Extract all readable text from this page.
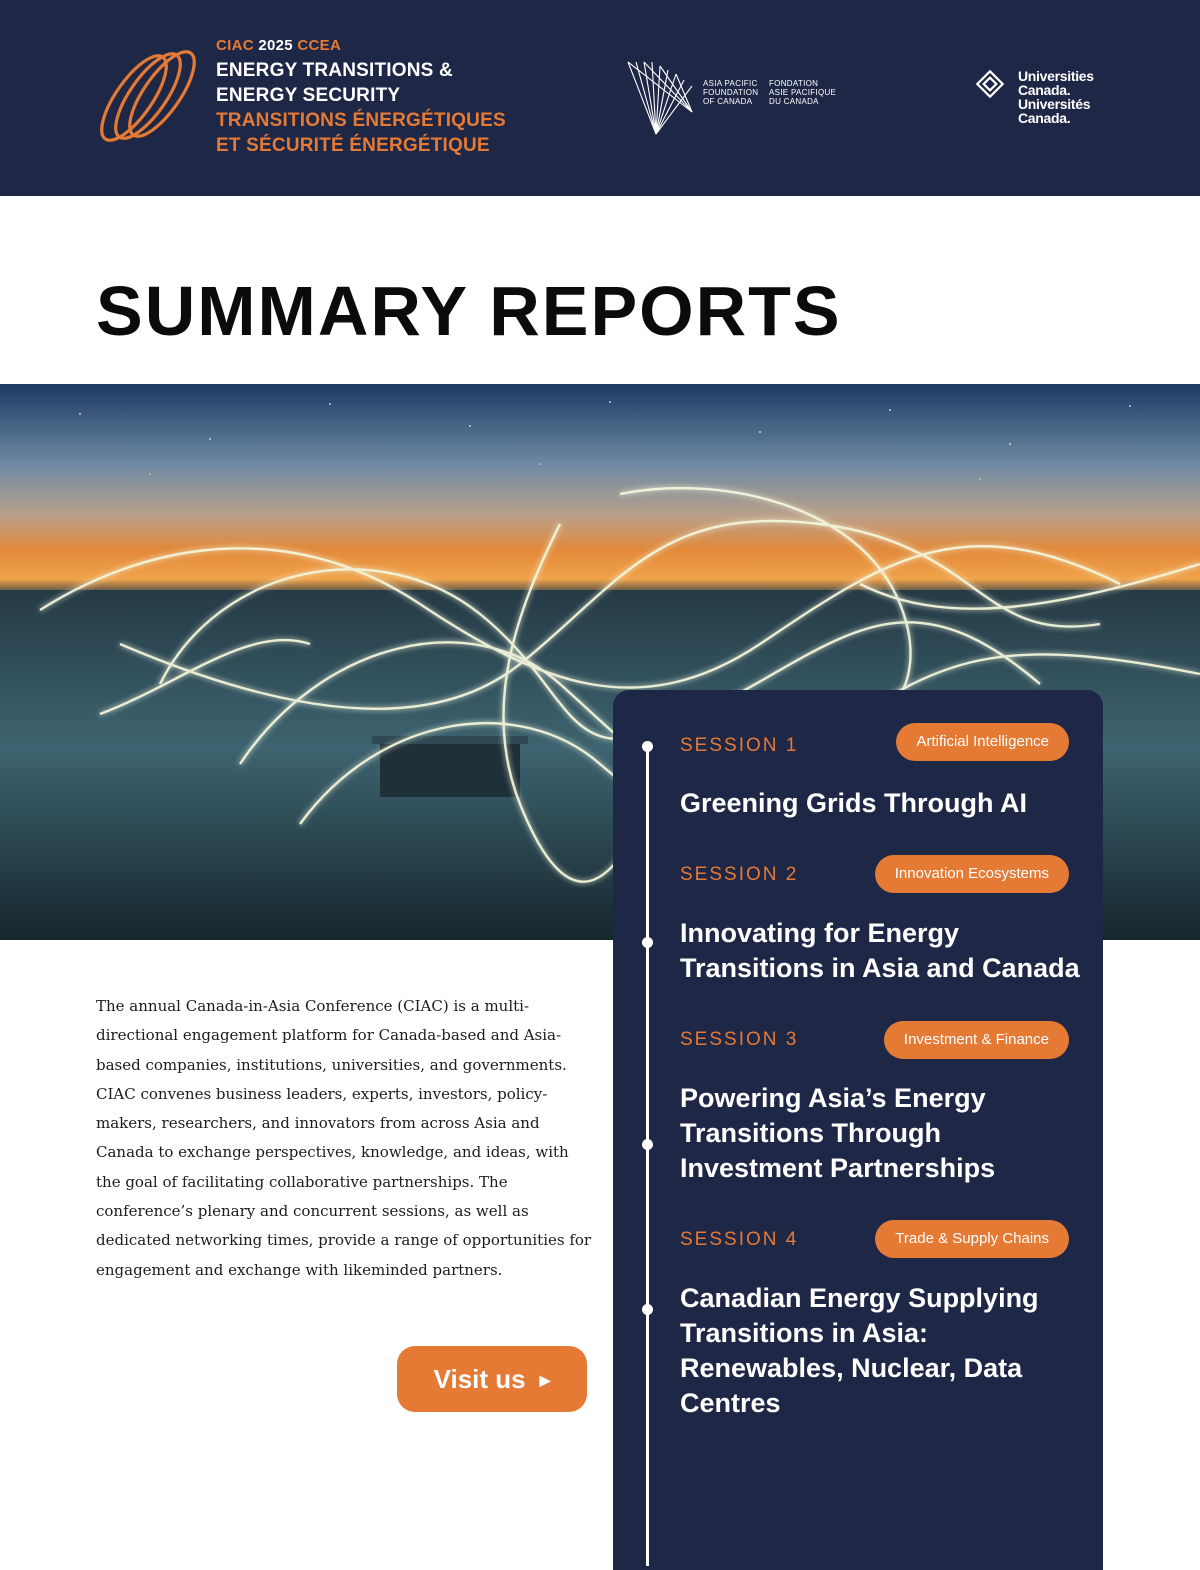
CIAC 2025 CCEA
ENERGY TRANSITIONS &
ENERGY SECURITY
TRANSITIONS ÉNERGÉTIQUES
ET SÉCURITÉ ÉNERGÉTIQUE
ASIA PACIFIC
FOUNDATION
OF CANADA
FONDATION
ASIE PACIFIQUE
DU CANADA
Universities
Canada.
Universités
Canada.
SUMMARY REPORTS

The annual Canada-in-Asia Conference (CIAC) is a multi-directional engagement platform for Canada-based and Asia-based companies, institutions, universities, and governments. CIAC convenes business leaders, experts, investors, policy-makers, researchers, and innovators from across Asia and Canada to exchange perspectives, knowledge, and ideas, with the goal of facilitating collaborative partnerships. The conference’s plenary and concurrent sessions, as well as dedicated networking times, provide a range of opportunities for engagement and exchange with likeminded partners.

Visit us ▶
SESSION 1	Artificial Intelligence
Greening Grids Through AI
SESSION 2	Innovation Ecosystems
Innovating for Energy Transitions in Asia and Canada
SESSION 3	Investment & Finance
Powering Asia’s Energy Transitions Through Investment Partnerships
SESSION 4	Trade & Supply Chains
Canadian Energy Supplying Transitions in Asia: Renewables, Nuclear, Data Centres
